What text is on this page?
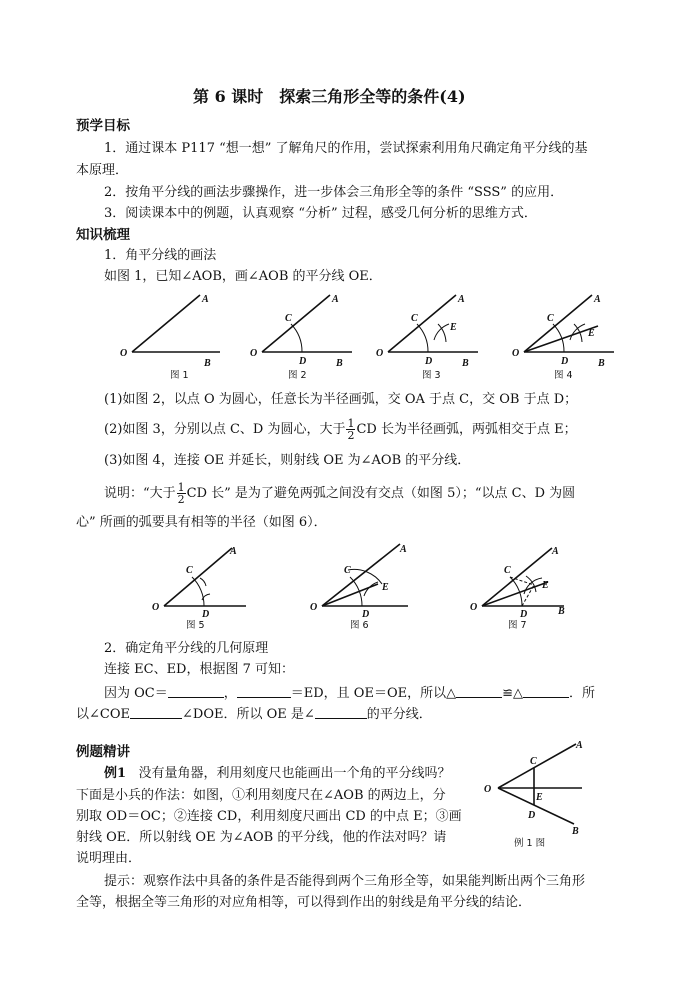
第 6 课时　探索三角形全等的条件(4)
预学目标
1．通过课本 P117 “想一想” 了解角尺的作用，尝试探索利用角尺确定角平分线的基
本原理．
2．按角平分线的画法步骤操作，进一步体会三角形全等的条件 “SSS” 的应用．
3．阅读课本中的例题，认真观察 “分析” 过程，感受几何分析的思维方式．
知识梳理
1．角平分线的画法
如图 1，已知∠AOB，画∠AOB 的平分线 OE．
O
A
B
图 1
O
A
B
C
D
图 2
O
A
B
C
D
E
图 3
O
A
B
C
D
E
图 4
(1)如图 2，以点 O 为圆心，任意长为半径画弧，交 OA 于点 C，交 OB 于点 D；
(2)如图 3，分别以点 C、D 为圆心，大于 $\frac{1}{2}$ CD 长为半径画弧，两弧相交于点 E；
(3)如图 4，连接 OE 并延长，则射线 OE 为∠AOB 的平分线．
说明：“大于 $\frac{1}{2}$ CD 长” 是为了避免两弧之间没有交点（如图 5）；“以点 C、D 为圆
心” 所画的弧要具有相等的半径（如图 6）．
O
A
C
D
图 5
O
A
C
D
E
图 6
O
A
B
C
D
E
图 7
2．确定角平分线的几何原理
连接 EC、ED，根据图 7 可知：
因为 OC＝	，	＝ED，且 OE＝OE，所以△	≌△	．所
以∠COE	∠DOE．所以 OE 是∠	的平分线．
例题精讲
例1 没有量角器，利用刻度尺也能画出一个角的平分线吗？
下面是小兵的作法：如图，①利用刻度尺在∠AOB 的两边上，分
别取 OD＝OC；②连接 CD，利用刻度尺画出 CD 的中点 E；③画
射线 OE．所以射线 OE 为∠AOB 的平分线，他的作法对吗？请
说明理由．
O
A
B
C
E
D
例 1 图
提示：观察作法中具备的条件是否能得到两个三角形全等，如果能判断出两个三角形
全等，根据全等三角形的对应角相等，可以得到作出的射线是角平分线的结论．
